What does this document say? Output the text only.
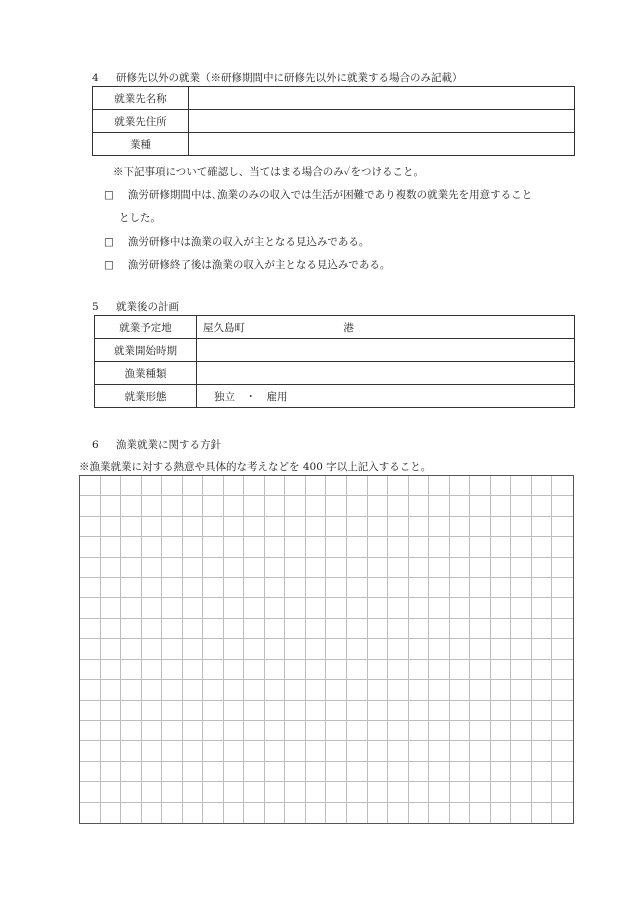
4 研修先以外の就業（※研修期間中に研修先以外に就業する場合のみ記載）
就業先名称	
就業先住所	
業種	
※下記事項について確認し、当てはまる場合のみ✓をつけること。
□ 漁労研修期間中は､漁業のみの収入では生活が困難であり複数の就業先を用意すること
とした。
□ 漁労研修中は漁業の収入が主となる見込みである。
□ 漁労研修終了後は漁業の収入が主となる見込みである。
5 就業後の計画
就業予定地	屋久島町 港
就業開始時期	
漁業種類	
就業形態	独立　・　雇用
6 漁業就業に関する方針
※漁業就業に対する熱意や具体的な考えなどを 400 字以上記入すること。
